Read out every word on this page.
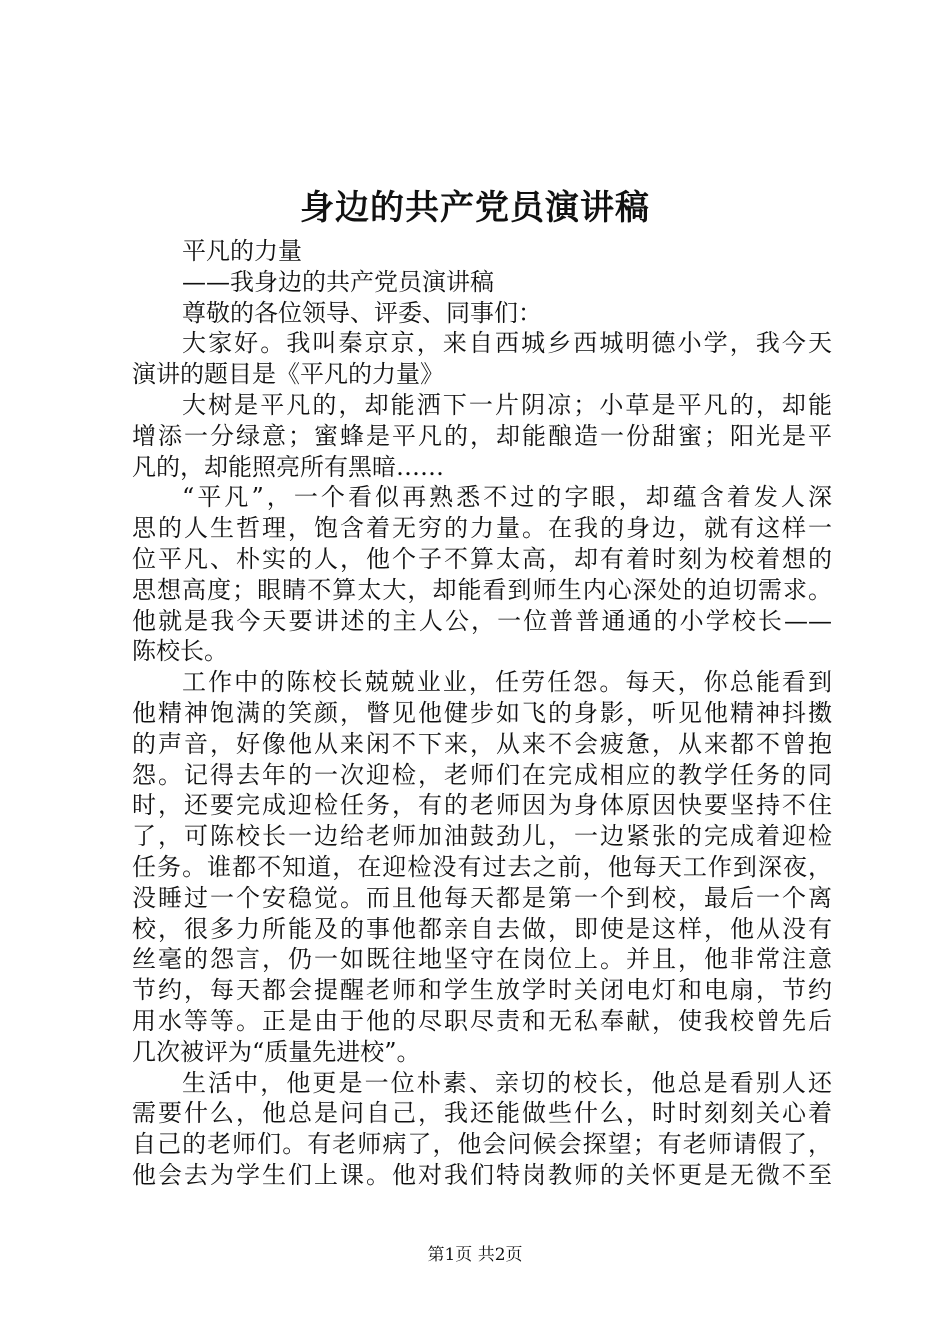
身边的共产党员演讲稿
平凡的力量
——我身边的共产党员演讲稿
尊敬的各位领导、评委、同事们：
大家好。我叫秦京京，来自西城乡西城明德小学，我今天
演讲的题目是《平凡的力量》
大树是平凡的，却能洒下一片阴凉；小草是平凡的，却能
增添一分绿意；蜜蜂是平凡的，却能酿造一份甜蜜；阳光是平
凡的，却能照亮所有黑暗……
“平凡”，一个看似再熟悉不过的字眼，却蕴含着发人深
思的人生哲理，饱含着无穷的力量。在我的身边，就有这样一
位平凡、朴实的人，他个子不算太高，却有着时刻为校着想的
思想高度；眼睛不算太大，却能看到师生内心深处的迫切需求。
他就是我今天要讲述的主人公，一位普普通通的小学校长——
陈校长。
工作中的陈校长兢兢业业，任劳任怨。每天，你总能看到
他精神饱满的笑颜，瞥见他健步如飞的身影，听见他精神抖擞
的声音，好像他从来闲不下来，从来不会疲惫，从来都不曾抱
怨。记得去年的一次迎检，老师们在完成相应的教学任务的同
时，还要完成迎检任务，有的老师因为身体原因快要坚持不住
了，可陈校长一边给老师加油鼓劲儿，一边紧张的完成着迎检
任务。谁都不知道，在迎检没有过去之前，他每天工作到深夜，
没睡过一个安稳觉。而且他每天都是第一个到校，最后一个离
校，很多力所能及的事他都亲自去做，即使是这样，他从没有
丝毫的怨言，仍一如既往地坚守在岗位上。并且，他非常注意
节约，每天都会提醒老师和学生放学时关闭电灯和电扇，节约
用水等等。正是由于他的尽职尽责和无私奉献，使我校曾先后
几次被评为“质量先进校”。
生活中，他更是一位朴素、亲切的校长，他总是看别人还
需要什么，他总是问自己，我还能做些什么，时时刻刻关心着
自己的老师们。有老师病了，他会问候会探望；有老师请假了，
他会去为学生们上课。他对我们特岗教师的关怀更是无微不至
第1页 共2页
